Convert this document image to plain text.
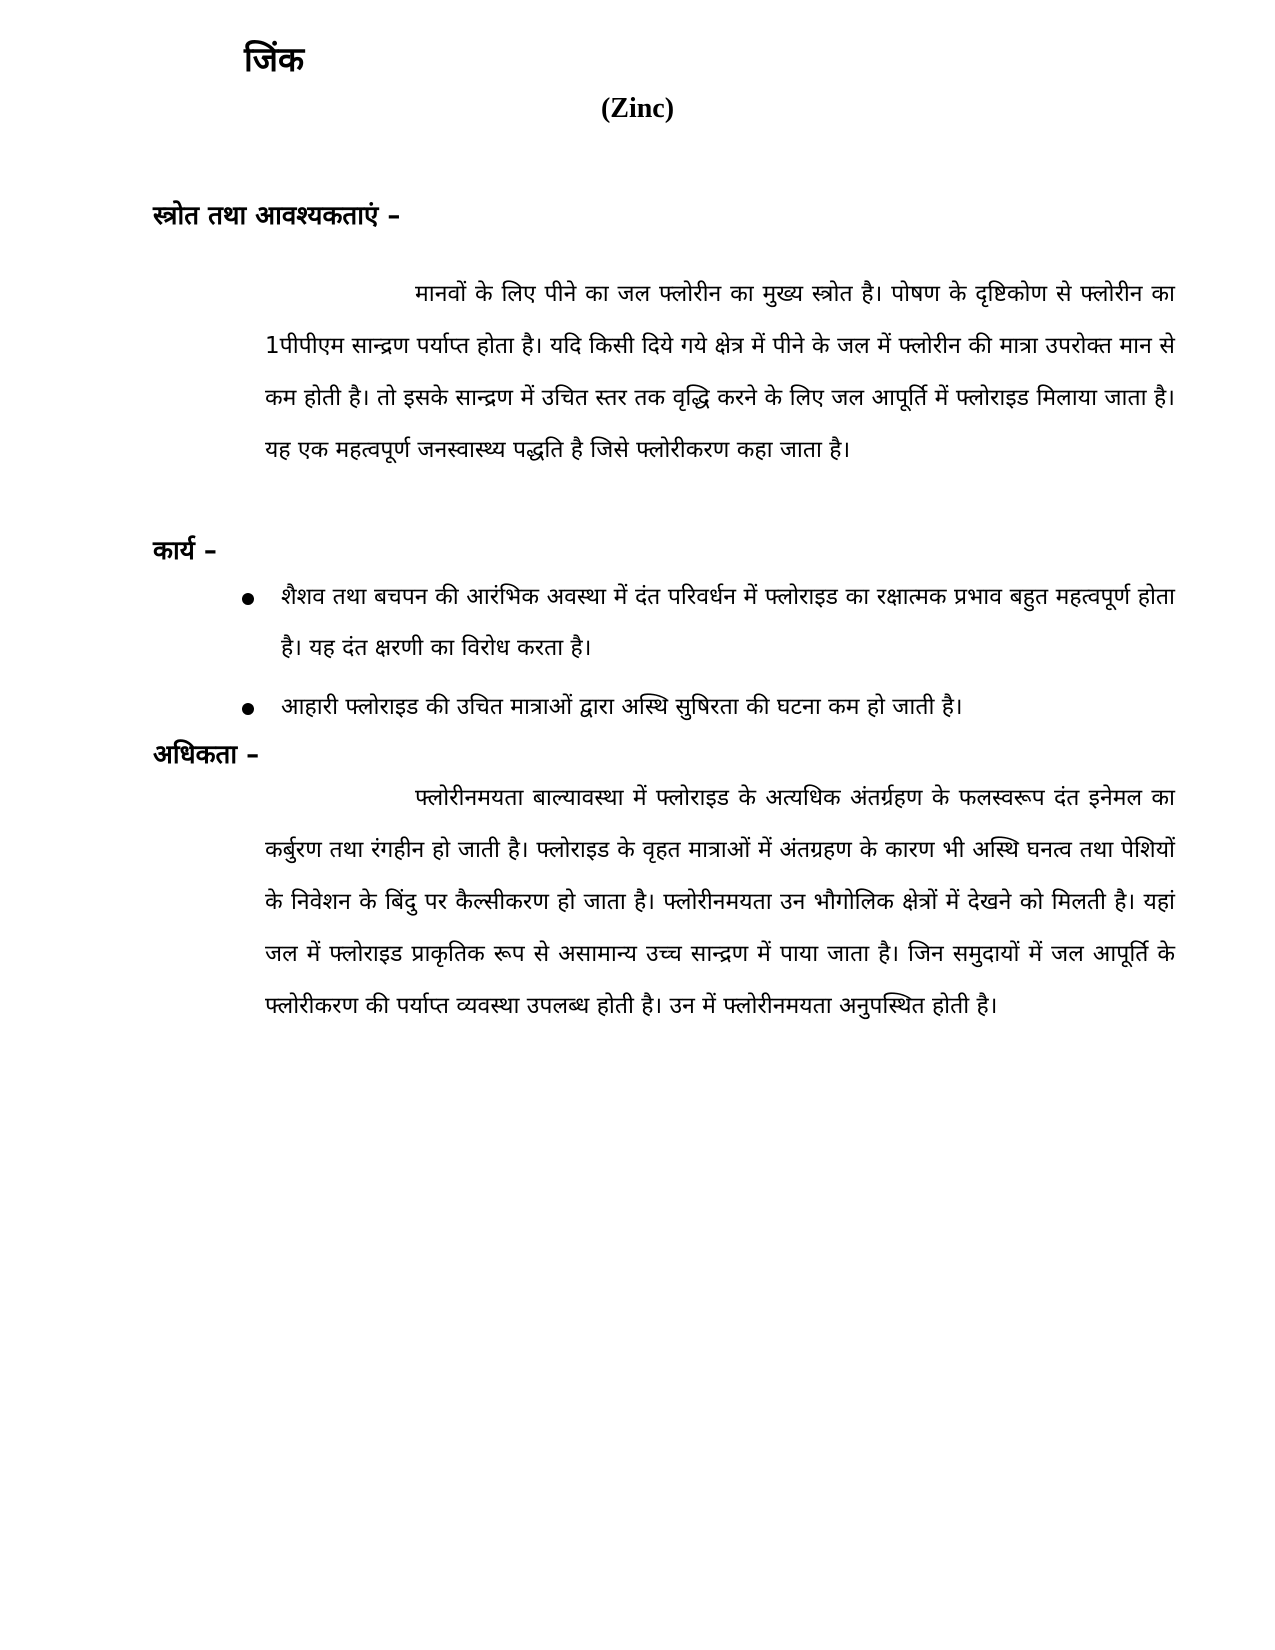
जिंक
(Zinc)
स्त्रोत तथा आवश्यकताएं –

मानवों के लिए पीने का जल फ्लोरीन का मुख्य स्त्रोत है। पोषण के दृष्टिकोण से फ्लोरीन का 1पीपीएम सान्द्रण पर्याप्त होता है। यदि किसी दिये गये क्षेत्र में पीने के जल में फ्लोरीन की मात्रा उपरोक्त मान से कम होती है। तो इसके सान्द्रण में उचित स्तर तक वृद्धि करने के लिए जल आपूर्ति में फ्लोराइड मिलाया जाता है। यह एक महत्वपूर्ण जनस्वास्थ्य पद्धति है जिसे फ्लोरीकरण कहा जाता है।

कार्य –
शैशव तथा बचपन की आरंभिक अवस्था में दंत परिवर्धन में फ्लोराइड का रक्षात्मक प्रभाव बहुत महत्वपूर्ण होता है। यह दंत क्षरणी का विरोध करता है।
आहारी फ्लोराइड की उचित मात्राओं द्वारा अस्थि सुषिरता की घटना कम हो जाती है।
अधिकता –

फ्लोरीनमयता बाल्यावस्था में फ्लोराइड के अत्यधिक अंतर्ग्रहण के फलस्वरूप दंत इनेमल का कर्बुरण तथा रंगहीन हो जाती है। फ्लोराइड के वृहत मात्राओं में अंतग्रहण के कारण भी अस्थि घनत्व तथा पेशियों के निवेशन के बिंदु पर कैल्सीकरण हो जाता है। फ्लोरीनमयता उन भौगोलिक क्षेत्रों में देखने को मिलती है। यहां जल में फ्लोराइड प्राकृतिक रूप से असामान्य उच्च सान्द्रण में पाया जाता है। जिन समुदायों में जल आपूर्ति के फ्लोरीकरण की पर्याप्त व्यवस्था उपलब्ध होती है। उन में फ्लोरीनमयता अनुपस्थित होती है।
